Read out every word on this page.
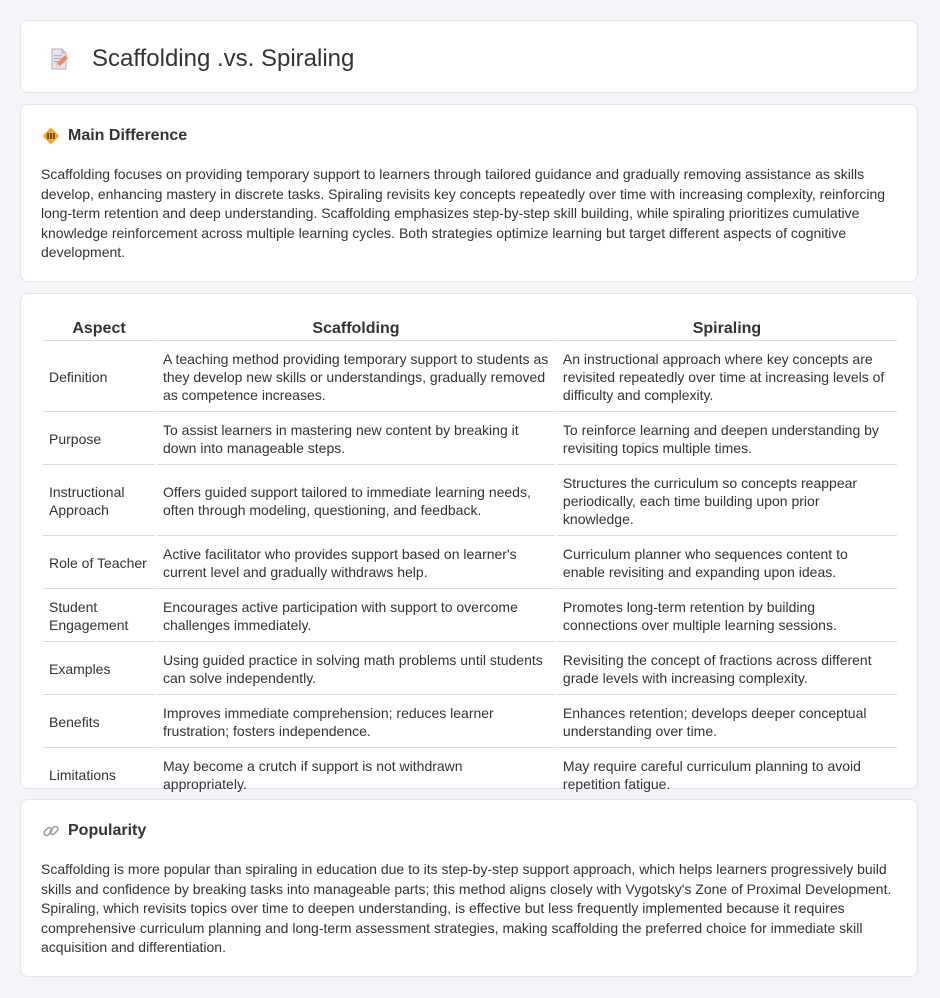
Scaffolding .vs. Spiraling
Main Difference

Scaffolding focuses on providing temporary support to learners through tailored guidance and gradually removing assistance as skills develop, enhancing mastery in discrete tasks. Spiraling revisits key concepts repeatedly over time with increasing complexity, reinforcing long-term retention and deep understanding. Scaffolding emphasizes step-by-step skill building, while spiraling prioritizes cumulative knowledge reinforcement across multiple learning cycles. Both strategies optimize learning but target different aspects of cognitive development.

Aspect	Scaffolding	Spiraling
Definition	A teaching method providing temporary support to students as they develop new skills or understandings, gradually removed as competence increases.	An instructional approach where key concepts are revisited repeatedly over time at increasing levels of difficulty and complexity.
Purpose	To assist learners in mastering new content by breaking it down into manageable steps.	To reinforce learning and deepen understanding by revisiting topics multiple times.
Instructional Approach	Offers guided support tailored to immediate learning needs, often through modeling, questioning, and feedback.	Structures the curriculum so concepts reappear periodically, each time building upon prior knowledge.
Role of Teacher	Active facilitator who provides support based on learner's current level and gradually withdraws help.	Curriculum planner who sequences content to enable revisiting and expanding upon ideas.
Student Engagement	Encourages active participation with support to overcome challenges immediately.	Promotes long-term retention by building connections over multiple learning sessions.
Examples	Using guided practice in solving math problems until students can solve independently.	Revisiting the concept of fractions across different grade levels with increasing complexity.
Benefits	Improves immediate comprehension; reduces learner frustration; fosters independence.	Enhances retention; develops deeper conceptual understanding over time.
Limitations	May become a crutch if support is not withdrawn appropriately.	May require careful curriculum planning to avoid repetition fatigue.
Popularity

Scaffolding is more popular than spiraling in education due to its step-by-step support approach, which helps learners progressively build skills and confidence by breaking tasks into manageable parts; this method aligns closely with Vygotsky's Zone of Proximal Development. Spiraling, which revisits topics over time to deepen understanding, is effective but less frequently implemented because it requires comprehensive curriculum planning and long-term assessment strategies, making scaffolding the preferred choice for immediate skill acquisition and differentiation.
